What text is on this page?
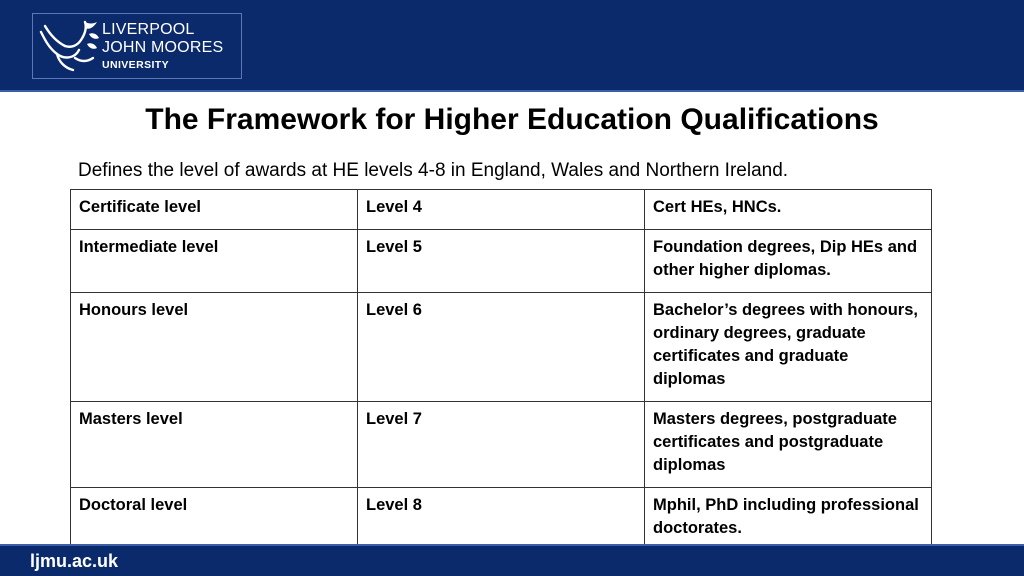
LIVERPOOL
JOHN MOORES
UNIVERSITY
The Framework for Higher Education Qualifications
Defines the level of awards at HE levels 4-8 in England, Wales and Northern Ireland.
Certificate level	Level 4	Cert HEs, HNCs.
Intermediate level	Level 5	Foundation degrees, Dip HEs and other higher diplomas.
Honours level	Level 6	Bachelor’s degrees with honours, ordinary degrees, graduate certificates and graduate diplomas
Masters level	Level 7	Masters degrees, postgraduate certificates and postgraduate diplomas
Doctoral level	Level 8	Mphil, PhD including professional doctorates.
ljmu.ac.uk
